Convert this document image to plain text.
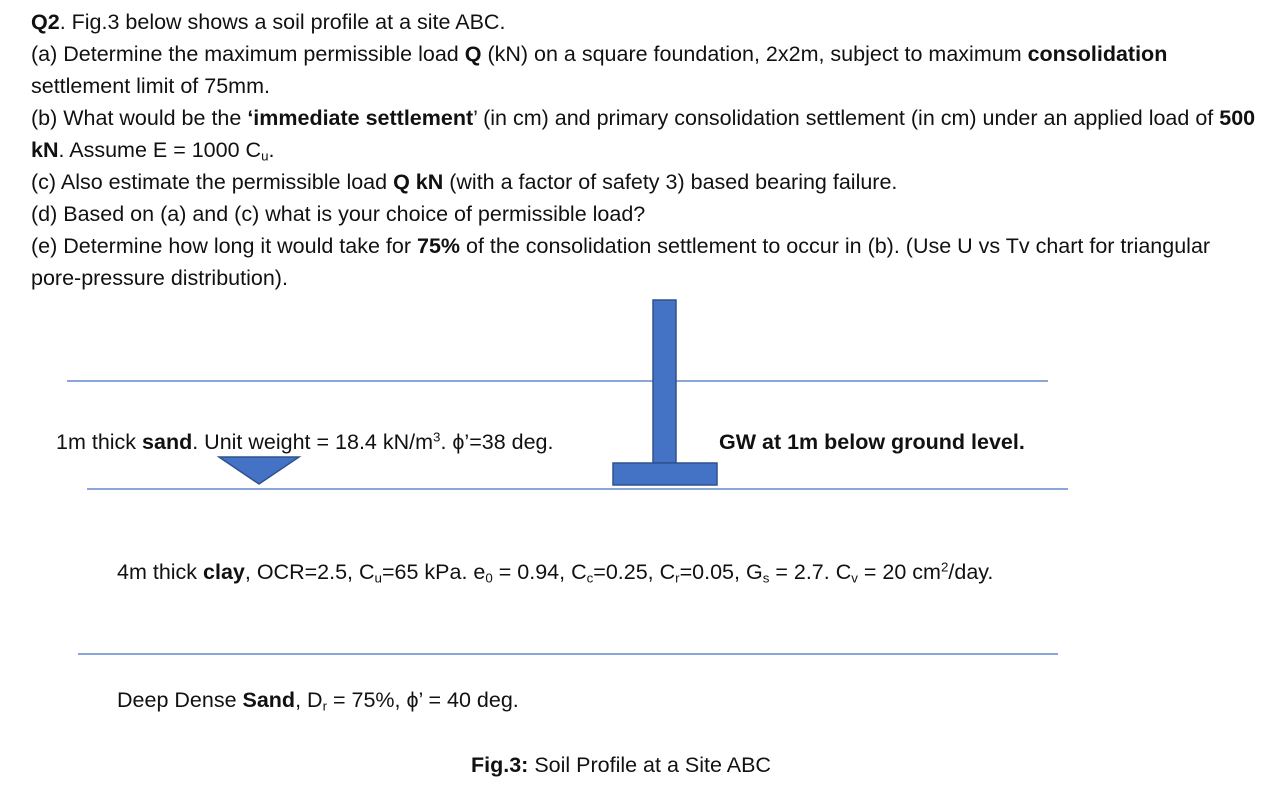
Q2. Fig.3 below shows a soil profile at a site ABC.

(a) Determine the maximum permissible load Q (kN) on a square foundation, 2x2m, subject to maximum consolidation settlement limit of 75mm.

(b) What would be the ‘immediate settlement’ (in cm) and primary consolidation settlement (in cm) under an applied load of 500 kN. Assume E = 1000 $C_u$.

(c) Also estimate the permissible load Q kN (with a factor of safety 3) based bearing failure.

(d) Based on (a) and (c) what is your choice of permissible load?

(e) Determine how long it would take for 75% of the consolidation settlement to occur in (b). (Use U vs Tv chart for triangular pore-pressure distribution).

1m thick sand. Unit weight = 18.4 $kN/m^3$. ϕ’=38 deg.	GW at 1m below ground level.
4m thick clay, OCR=2.5, $C_u=65$ kPa. $e_0 = 0.94$, $C_c=0.25$, $C_r=0.05$, $G_s = 2.7$. $C_v = 20$ $cm^2$/day.
Deep Dense Sand, $D_r = 75\%$, ϕ’ = 40 deg.
Fig.3: Soil Profile at a Site ABC
